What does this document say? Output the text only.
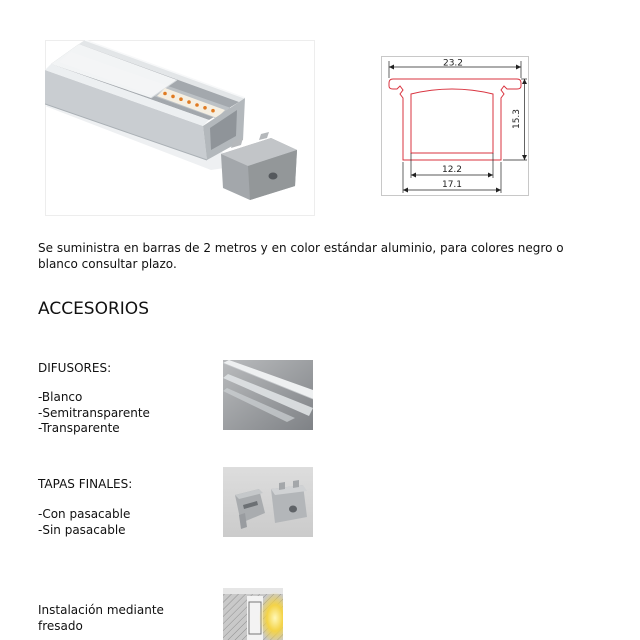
23.2
15.3
12.2
17.1
Se suministra en barras de 2 metros y en color estándar aluminio, para colores negro o
blanco consultar plazo.
ACCESORIOS
DIFUSORES:
-Blanco
-Semitransparente
-Transparente
TAPAS FINALES:
-Con pasacable
-Sin pasacable
Instalación mediante
fresado
